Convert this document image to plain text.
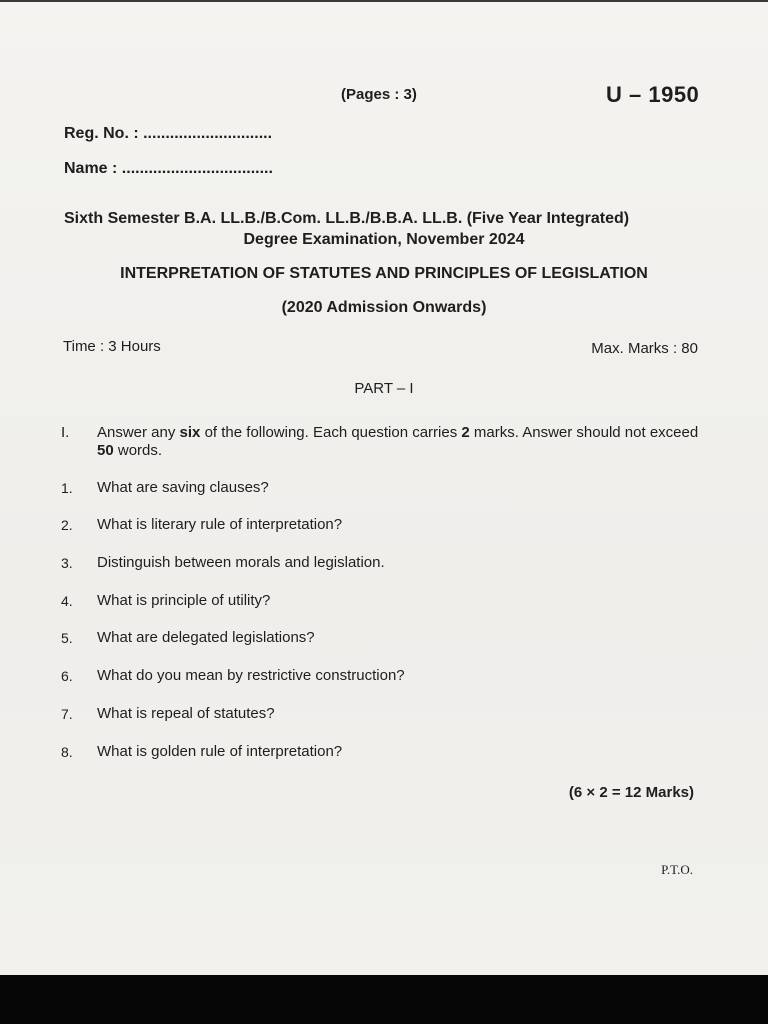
(Pages : 3)	U – 1950
Reg. No. : .............................
Name : ..................................
Sixth Semester B.A. LL.B./B.Com. LL.B./B.B.A. LL.B. (Five Year Integrated)
Degree Examination, November 2024
INTERPRETATION OF STATUTES AND PRINCIPLES OF LEGISLATION
(2020 Admission Onwards)
Time : 3 Hours	Max. Marks : 80
PART – I
I. Answer any six of the following. Each question carries 2 marks. Answer should not exceed 50 words.
1. What are saving clauses?
2. What is literary rule of interpretation?
3. Distinguish between morals and legislation.
4. What is principle of utility?
5. What are delegated legislations?
6. What do you mean by restrictive construction?
7. What is repeal of statutes?
8. What is golden rule of interpretation?
(6 × 2 = 12 Marks)
P.T.O.
